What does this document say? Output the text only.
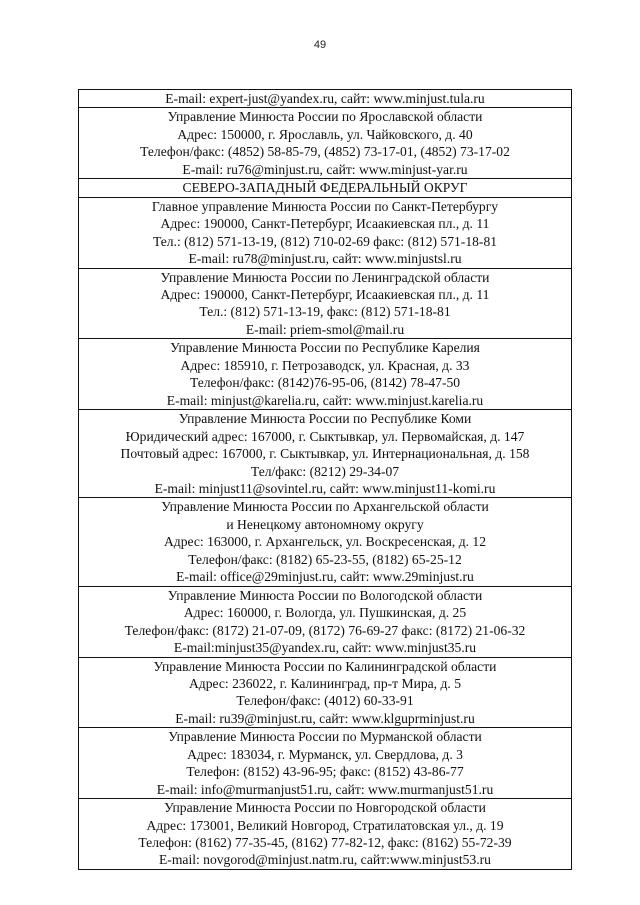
49
E-mail: expert-just@yandex.ru, сайт: www.minjust.tula.ru

Управление Минюста России по Ярославской области
Адрес: 150000, г. Ярославль, ул. Чайковского, д. 40
Телефон/факс: (4852) 58-85-79, (4852) 73-17-01, (4852) 73-17-02
E-mail: ru76@minjust.ru, сайт: www.minjust-yar.ru

СЕВЕРО-ЗАПАДНЫЙ ФЕДЕРАЛЬНЫЙ ОКРУГ

Главное управление Минюста России по Санкт-Петербургу
Адрес: 190000, Санкт-Петербург, Исаакиевская пл., д. 11
Тел.: (812) 571-13-19, (812) 710-02-69 факс: (812) 571-18-81
E-mail: ru78@minjust.ru, сайт: www.minjustsl.ru

Управление Минюста России по Ленинградской области
Адрес: 190000, Санкт-Петербург, Исаакиевская пл., д. 11
Тел.: (812) 571-13-19, факс: (812) 571-18-81
E-mail: priem-smol@mail.ru

Управление Минюста России по Республике Карелия
Адрес: 185910, г. Петрозаводск, ул. Красная, д. 33
Телефон/факс: (8142)76-95-06, (8142) 78-47-50
E-mail: minjust@karelia.ru, сайт: www.minjust.karelia.ru

Управление Минюста России по Республике Коми
Юридический адрес: 167000, г. Сыктывкар, ул. Первомайская, д. 147
Почтовый адрес: 167000, г. Сыктывкар, ул. Интернациональная, д. 158
Тел/факс: (8212) 29-34-07
E-mail: minjust11@sovintel.ru, сайт: www.minjust11-komi.ru

Управление Минюста России по Архангельской области
и Ненецкому автономному округу
Адрес: 163000, г. Архангельск, ул. Воскресенская, д. 12
Телефон/факс: (8182) 65-23-55, (8182) 65-25-12
E-mail: office@29minjust.ru, сайт: www.29minjust.ru

Управление Минюста России по Вологодской области
Адрес: 160000, г. Вологда, ул. Пушкинская, д. 25
Телефон/факс: (8172) 21-07-09, (8172) 76-69-27 факс: (8172) 21-06-32
E-mail:minjust35@yandex.ru, сайт: www.minjust35.ru

Управление Минюста России по Калининградской области
Адрес: 236022, г. Калининград, пр-т Мира, д. 5
Телефон/факс: (4012) 60-33-91
E-mail: ru39@minjust.ru, сайт: www.klguprminjust.ru

Управление Минюста России по Мурманской области
Адрес: 183034, г. Мурманск, ул. Свердлова, д. 3
Телефон: (8152) 43-96-95; факс: (8152) 43-86-77
E-mail: info@murmanjust51.ru, сайт: www.murmanjust51.ru

Управление Минюста России по Новгородской области
Адрес: 173001, Великий Новгород, Стратилатовская ул., д. 19
Телефон: (8162) 77-35-45, (8162) 77-82-12, факс: (8162) 55-72-39
E-mail: novgorod@minjust.natm.ru, сайт:www.minjust53.ru
